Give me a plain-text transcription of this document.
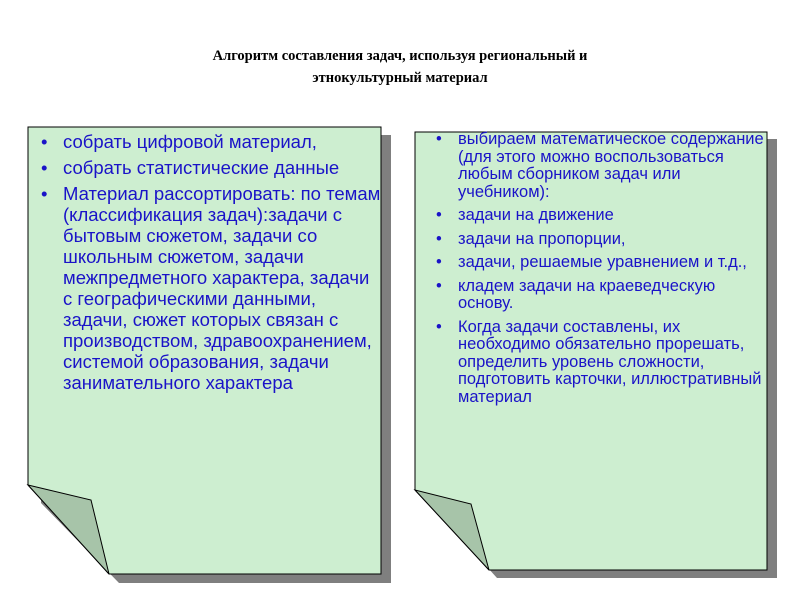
Алгоритм составления задач, используя региональный и
этнокультурный материал
• собрать цифровой материал,
• собрать статистические данные
• Материал рассортировать: по темам (классификация задач):задачи с бытовым сюжетом, задачи со школьным сюжетом, задачи межпредметного характера, задачи с географическими данными, задачи, сюжет которых связан с производством, здравоохранением, системой образования, задачи занимательного характера
• выбираем математическое содержание (для этого можно воспользоваться любым сборником задач или учебником):
• задачи на движение
• задачи на пропорции,
• задачи, решаемые уравнением и т.д.,
• кладем задачи на краеведческую основу.
• Когда задачи составлены, их необходимо обязательно прорешать, определить уровень сложности, подготовить карточки, иллюстративный материал
